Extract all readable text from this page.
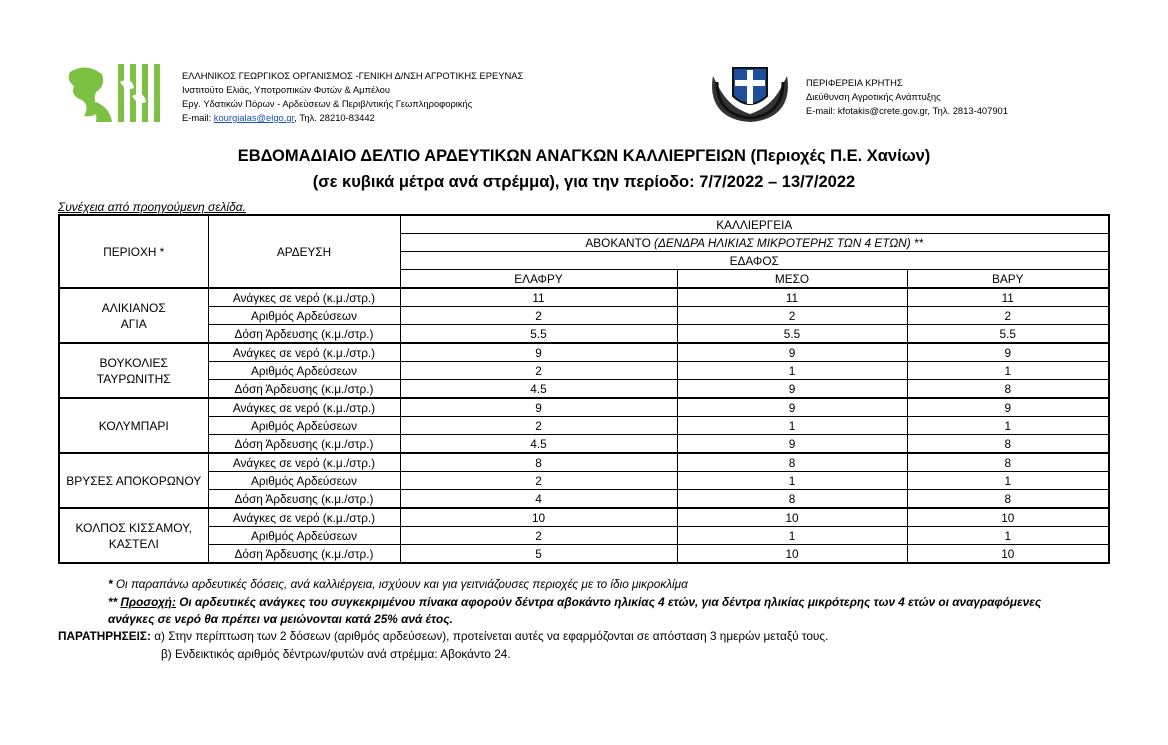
ΕΛΛΗΝΙΚΟΣ ΓΕΩΡΓΙΚΟΣ ΟΡΓΑΝΙΣΜΟΣ -ΓΕΝΙΚΗ Δ/ΝΣΗ ΑΓΡΟΤΙΚΗΣ ΕΡΕΥΝΑΣ
Ινστιτούτο Ελιάς, Υποτροπικών Φυτών & Αμπέλου
Εργ. Υδατικών Πόρων - Αρδεύσεων & Περιβ/ντικής Γεωπληροφορικής
E-mail: kourgialas@elgo.gr, Τηλ. 28210-83442
ΠΕΡΙΦΕΡΕΙΑ ΚΡΗΤΗΣ
Διεύθυνση Αγροτικής Ανάπτυξης
E-mail: kfotakis@crete.gov.gr, Τηλ. 2813-407901
ΕΒΔΟΜΑΔΙΑΙΟ ΔΕΛΤΙΟ ΑΡΔΕΥΤΙΚΩΝ ΑΝΑΓΚΩΝ ΚΑΛΛΙΕΡΓΕΙΩΝ (Περιοχές Π.Ε. Χανίων)
(σε κυβικά μέτρα ανά στρέμμα), για την περίοδο: 7/7/2022 – 13/7/2022
Συνέχεια από προηγούμενη σελίδα.
ΠΕΡΙΟΧΗ *	ΑΡΔΕΥΣΗ	ΚΑΛΛΙΕΡΓΕΙΑ		
		ΑΒΟΚΑΝΤΟ (ΔΕΝΔΡΑ ΗΛΙΚΙΑΣ ΜΙΚΡΟΤΕΡΗΣ ΤΩΝ 4 ΕΤΩΝ) **		
		ΕΔΑΦΟΣ		
		ΕΛΑΦΡΥ	ΜΕΣΟ	ΒΑΡΥ

ΑΛΙΚΙΑΝΟΣ
ΑΓΙΑ	Ανάγκες σε νερό (κ.μ./στρ.)	11	11	11
	Αριθμός Αρδεύσεων	2	2	2
	Δόση Άρδευσης (κ.μ./στρ.)	5.5	5.5	5.5

ΒΟΥΚΟΛΙΕΣ
ΤΑΥΡΩΝΙΤΗΣ	Ανάγκες σε νερό (κ.μ./στρ.)	9	9	9
	Αριθμός Αρδεύσεων	2	1	1
	Δόση Άρδευσης (κ.μ./στρ.)	4.5	9	8

ΚΟΛΥΜΠΑΡΙ	Ανάγκες σε νερό (κ.μ./στρ.)	9	9	9
	Αριθμός Αρδεύσεων	2	1	1
	Δόση Άρδευσης (κ.μ./στρ.)	4.5	9	8

ΒΡΥΣΕΣ ΑΠΟΚΟΡΩΝΟΥ	Ανάγκες σε νερό (κ.μ./στρ.)	8	8	8
	Αριθμός Αρδεύσεων	2	1	1
	Δόση Άρδευσης (κ.μ./στρ.)	4	8	8

ΚΟΛΠΟΣ ΚΙΣΣΑΜΟΥ,
ΚΑΣΤΕΛΙ	Ανάγκες σε νερό (κ.μ./στρ.)	10	10	10
	Αριθμός Αρδεύσεων	2	1	1
	Δόση Άρδευσης (κ.μ./στρ.)	5	10	10
* Οι παραπάνω αρδευτικές δόσεις, ανά καλλιέργεια, ισχύουν και για γειτνιάζουσες περιοχές με το ίδιο μικροκλίμα
** Προσοχή: Οι αρδευτικές ανάγκες του συγκεκριμένου πίνακα αφορούν δέντρα αβοκάντο ηλικίας 4 ετών, για δέντρα ηλικίας μικρότερης των 4 ετών οι αναγραφόμενες ανάγκες σε νερό θα πρέπει να μειώνονται κατά 25% ανά έτος.
ΠΑΡΑΤΗΡΗΣΕΙΣ: α) Στην περίπτωση των 2 δόσεων (αριθμός αρδεύσεων), προτείνεται αυτές να εφαρμόζονται σε απόσταση 3 ημερών μεταξύ τους.
β) Ενδεικτικός αριθμός δέντρων/φυτών ανά στρέμμα: Αβοκάντο 24.
